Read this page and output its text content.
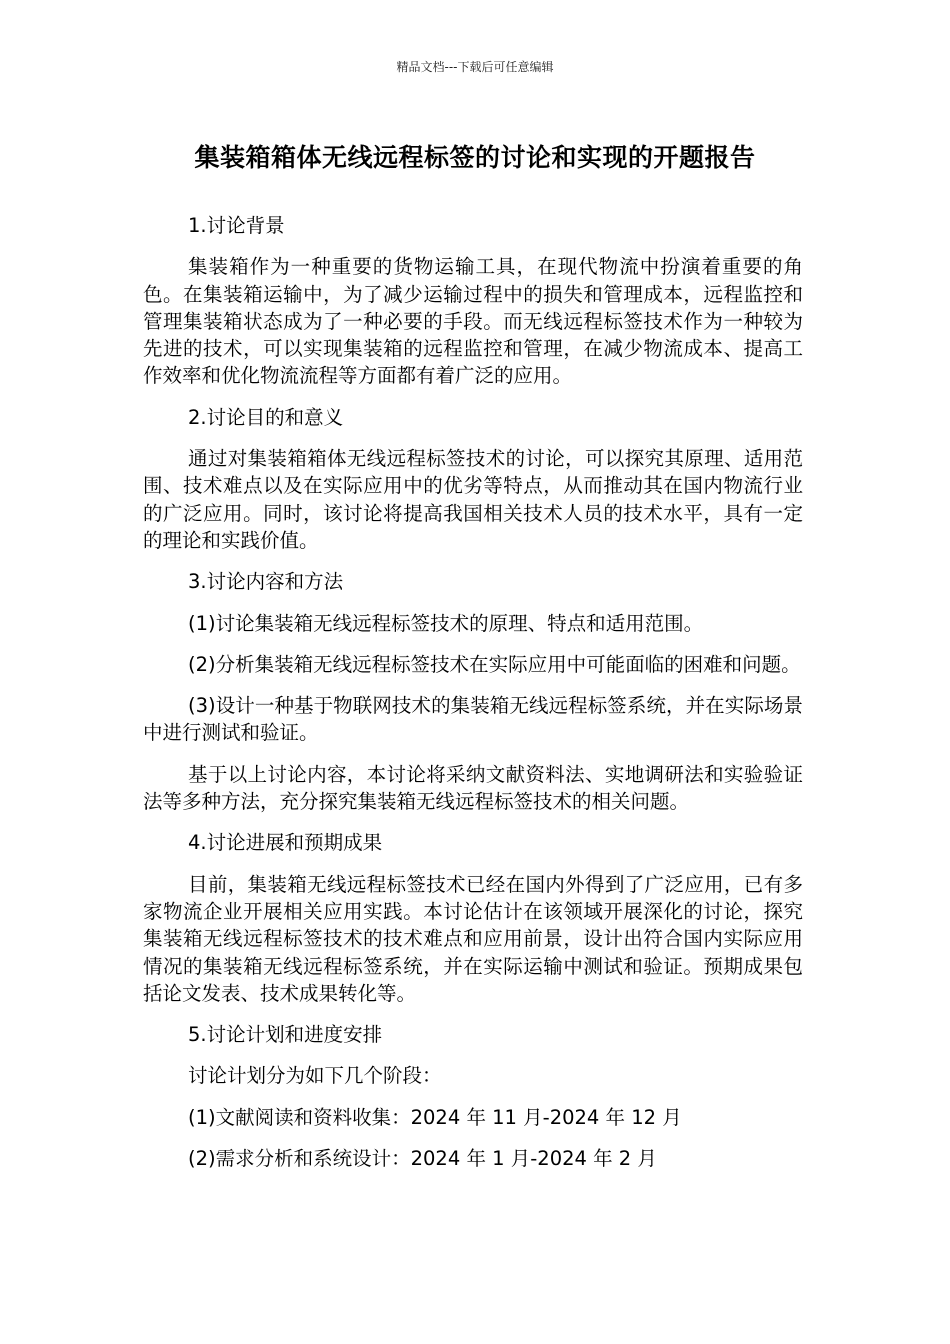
精品文档---下载后可任意编辑
集装箱箱体无线远程标签的讨论和实现的开题报告

1.讨论背景

集装箱作为一种重要的货物运输工具，在现代物流中扮演着重要的角色。在集装箱运输中，为了减少运输过程中的损失和管理成本，远程监控和管理集装箱状态成为了一种必要的手段。而无线远程标签技术作为一种较为先进的技术，可以实现集装箱的远程监控和管理，在减少物流成本、提高工作效率和优化物流流程等方面都有着广泛的应用。

2.讨论目的和意义

通过对集装箱箱体无线远程标签技术的讨论，可以探究其原理、适用范围、技术难点以及在实际应用中的优劣等特点，从而推动其在国内物流行业的广泛应用。同时，该讨论将提高我国相关技术人员的技术水平，具有一定的理论和实践价值。

3.讨论内容和方法

(1)讨论集装箱无线远程标签技术的原理、特点和适用范围。

(2)分析集装箱无线远程标签技术在实际应用中可能面临的困难和问题。

(3)设计一种基于物联网技术的集装箱无线远程标签系统，并在实际场景中进行测试和验证。

基于以上讨论内容，本讨论将采纳文献资料法、实地调研法和实验验证法等多种方法，充分探究集装箱无线远程标签技术的相关问题。

4.讨论进展和预期成果

目前，集装箱无线远程标签技术已经在国内外得到了广泛应用，已有多家物流企业开展相关应用实践。本讨论估计在该领域开展深化的讨论，探究集装箱无线远程标签技术的技术难点和应用前景，设计出符合国内实际应用情况的集装箱无线远程标签系统，并在实际运输中测试和验证。预期成果包括论文发表、技术成果转化等。

5.讨论计划和进度安排

讨论计划分为如下几个阶段：

(1)文献阅读和资料收集：2024 年 11 月-2024 年 12 月

(2)需求分析和系统设计：2024 年 1 月-2024 年 2 月
